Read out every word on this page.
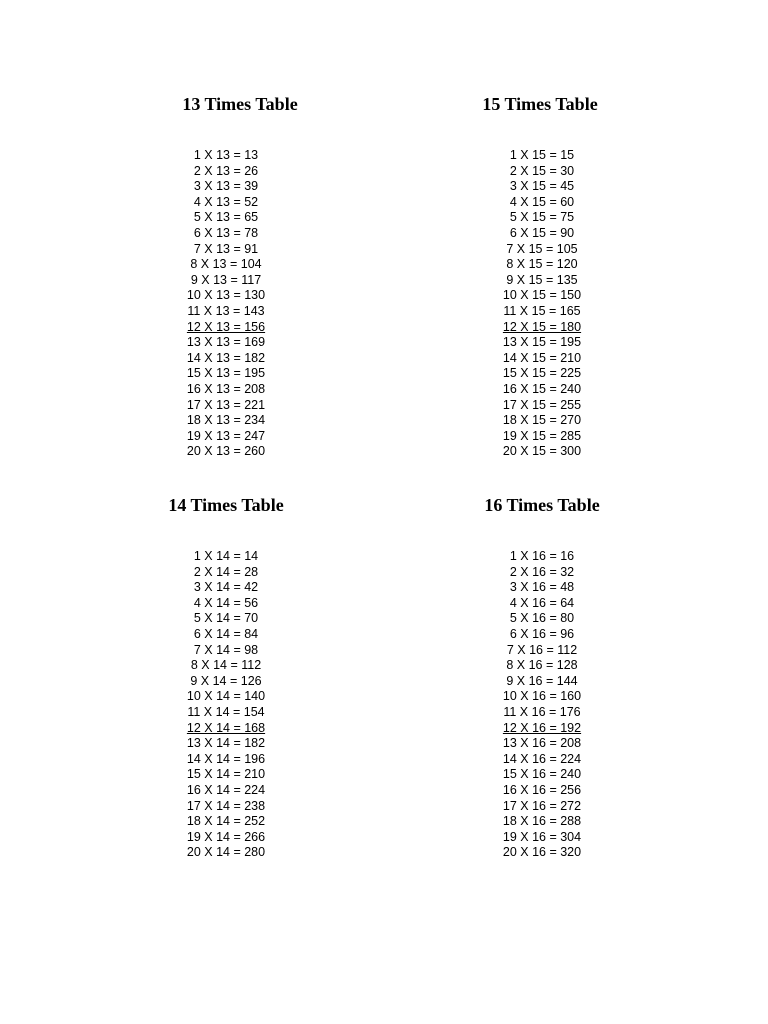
13 Times Table
1 X 13 = 13
2 X 13 = 26
3 X 13 = 39
4 X 13 = 52
5 X 13 = 65
6 X 13 = 78
7 X 13 = 91
8 X 13 = 104
9 X 13 = 117
10 X 13 = 130
11 X 13 = 143
12 X 13 = 156
13 X 13 = 169
14 X 13 = 182
15 X 13 = 195
16 X 13 = 208
17 X 13 = 221
18 X 13 = 234
19 X 13 = 247
20 X 13 = 260
15 Times Table
1 X 15 = 15
2 X 15 = 30
3 X 15 = 45
4 X 15 = 60
5 X 15 = 75
6 X 15 = 90
7 X 15 = 105
8 X 15 = 120
9 X 15 = 135
10 X 15 = 150
11 X 15 = 165
12 X 15 = 180
13 X 15 = 195
14 X 15 = 210
15 X 15 = 225
16 X 15 = 240
17 X 15 = 255
18 X 15 = 270
19 X 15 = 285
20 X 15 = 300
14 Times Table
1 X 14 = 14
2 X 14 = 28
3 X 14 = 42
4 X 14 = 56
5 X 14 = 70
6 X 14 = 84
7 X 14 = 98
8 X 14 = 112
9 X 14 = 126
10 X 14 = 140
11 X 14 = 154
12 X 14 = 168
13 X 14 = 182
14 X 14 = 196
15 X 14 = 210
16 X 14 = 224
17 X 14 = 238
18 X 14 = 252
19 X 14 = 266
20 X 14 = 280
16 Times Table
1 X 16 = 16
2 X 16 = 32
3 X 16 = 48
4 X 16 = 64
5 X 16 = 80
6 X 16 = 96
7 X 16 = 112
8 X 16 = 128
9 X 16 = 144
10 X 16 = 160
11 X 16 = 176
12 X 16 = 192
13 X 16 = 208
14 X 16 = 224
15 X 16 = 240
16 X 16 = 256
17 X 16 = 272
18 X 16 = 288
19 X 16 = 304
20 X 16 = 320
